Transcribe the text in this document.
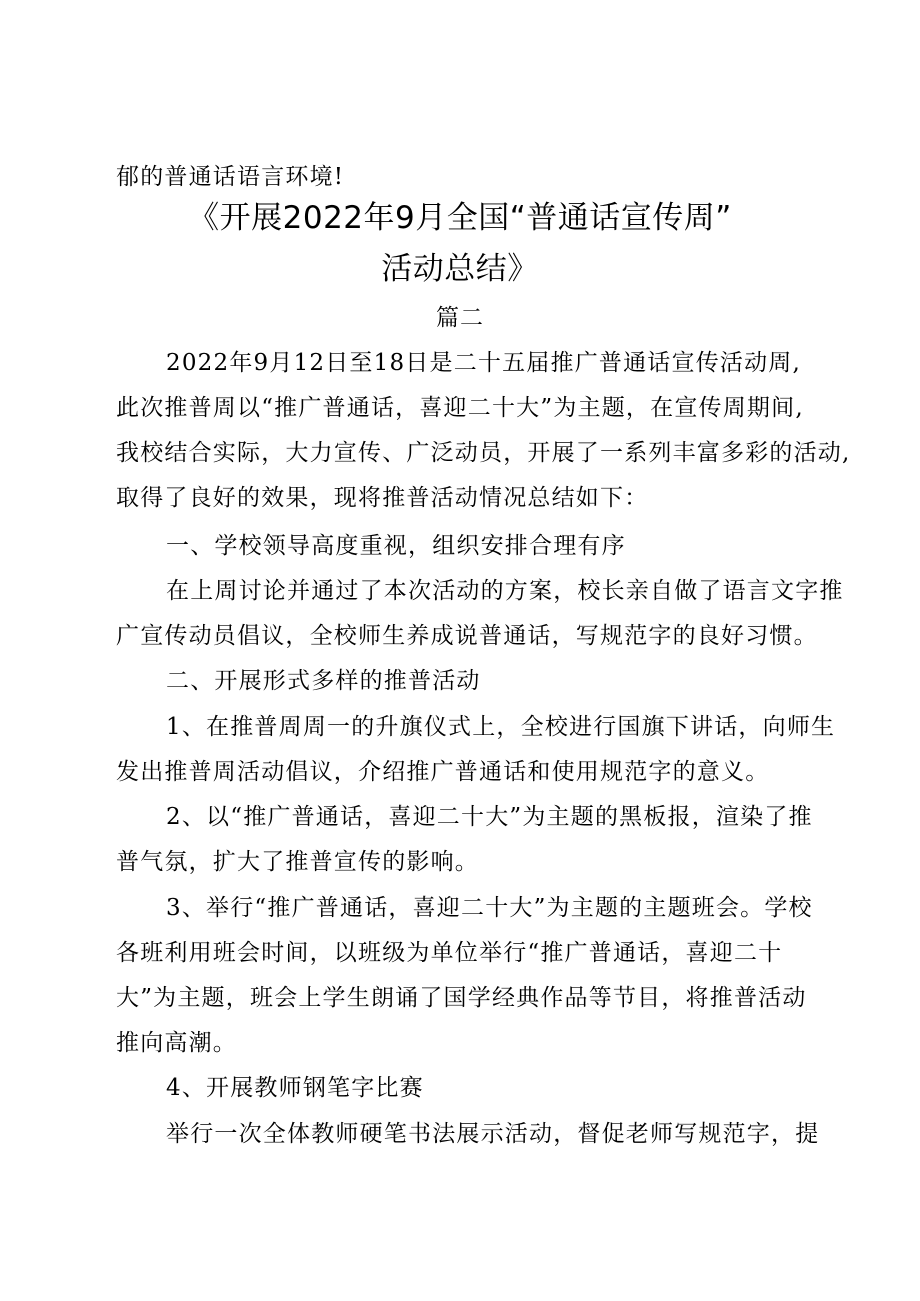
郁的普通话语言环境!
《开展2022年9月全国“普通话宣传周”
活动总结》
篇二
2022年9月12日至18日是二十五届推广普通话宣传活动周,
此次推普周以“推广普通话，喜迎二十大”为主题，在宣传周期间,
我校结合实际，大力宣传、广泛动员，开展了一系列丰富多彩的活动,
取得了良好的效果，现将推普活动情况总结如下：
一、学校领导高度重视，组织安排合理有序
在上周讨论并通过了本次活动的方案，校长亲自做了语言文字推
广宣传动员倡议，全校师生养成说普通话，写规范字的良好习惯。
二、开展形式多样的推普活动
1、在推普周周一的升旗仪式上，全校进行国旗下讲话，向师生
发出推普周活动倡议，介绍推广普通话和使用规范字的意义。
2、以“推广普通话，喜迎二十大”为主题的黑板报，渲染了推
普气氛，扩大了推普宣传的影响。
3、举行“推广普通话，喜迎二十大”为主题的主题班会。学校
各班利用班会时间，以班级为单位举行“推广普通话，喜迎二十
大”为主题，班会上学生朗诵了国学经典作品等节目，将推普活动
推向高潮。
4、开展教师钢笔字比赛
举行一次全体教师硬笔书法展示活动，督促老师写规范字，提
